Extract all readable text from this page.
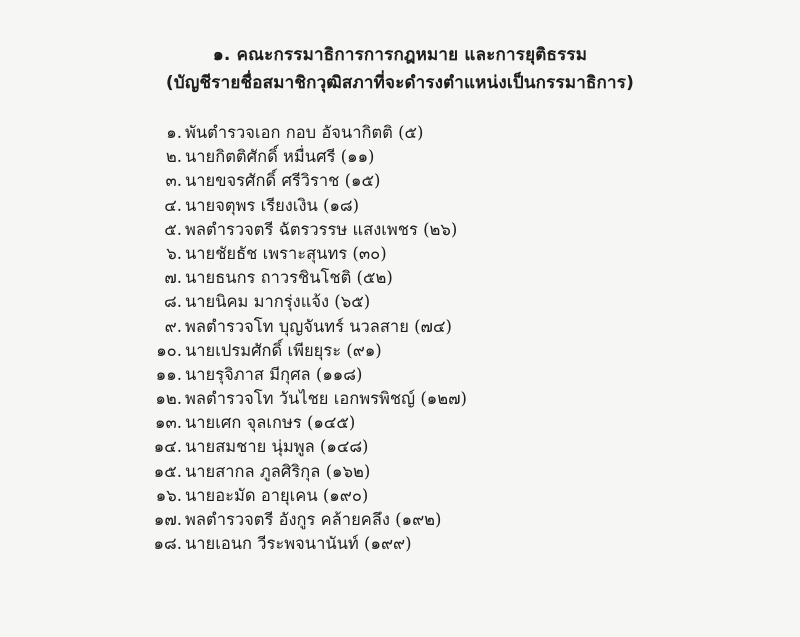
๑. คณะกรรมาธิการการกฎหมาย และการยุติธรรม
(บัญชีรายชื่อสมาชิกวุฒิสภาที่จะดำรงตำแหน่งเป็นกรรมาธิการ)
๑. พันตำรวจเอก กอบ อัจนากิตติ (๕)
๒. นายกิตติศักดิ์ หมื่นศรี (๑๑)
๓. นายขจรศักดิ์ ศรีวิราช (๑๕)
๔. นายจตุพร เรียงเงิน (๑๘)
๕. พลตำรวจตรี ฉัตรวรรษ แสงเพชร (๒๖)
๖. นายชัยธัช เพราะสุนทร (๓๐)
๗. นายธนกร ถาวรชินโชติ (๕๒)
๘. นายนิคม มากรุ่งแจ้ง (๖๕)
๙. พลตำรวจโท บุญจันทร์ นวลสาย (๗๔)
๑๐. นายเปรมศักดิ์ เพียยุระ (๙๑)
๑๑. นายรุจิภาส มีกุศล (๑๑๘)
๑๒. พลตำรวจโท วันไชย เอกพรพิชญ์ (๑๒๗)
๑๓. นายเศก จุลเกษร (๑๔๕)
๑๔. นายสมชาย นุ่มพูล (๑๔๘)
๑๕. นายสากล ภูลศิริกุล (๑๖๒)
๑๖. นายอะมัด อายุเคน (๑๙๐)
๑๗. พลตำรวจตรี อังกูร คล้ายคลึง (๑๙๒)
๑๘. นายเอนก วีระพจนานันท์ (๑๙๙)
